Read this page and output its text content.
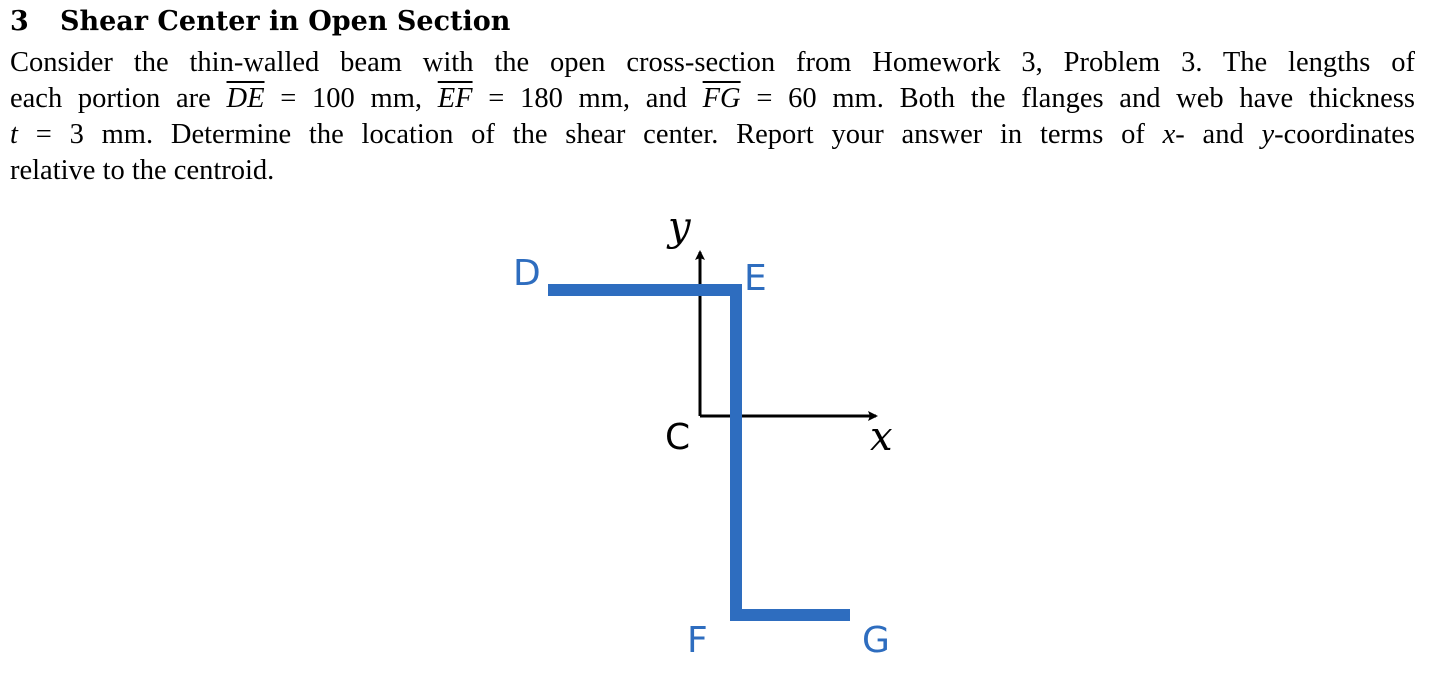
3 Shear Center in Open Section
Consider the thin-walled beam with the open cross-section from Homework 3, Problem 3. The lengths of
each portion are $\overline{DE} = 100$ mm, $\overline{EF} = 180$ mm, and $\overline{FG} = 60$ mm. Both the flanges and web have thickness
t = 3 mm. Determine the location of the shear center. Report your answer in terms of x- and y-coordinates
relative to the centroid.
D	E
F	G
C
y
x
